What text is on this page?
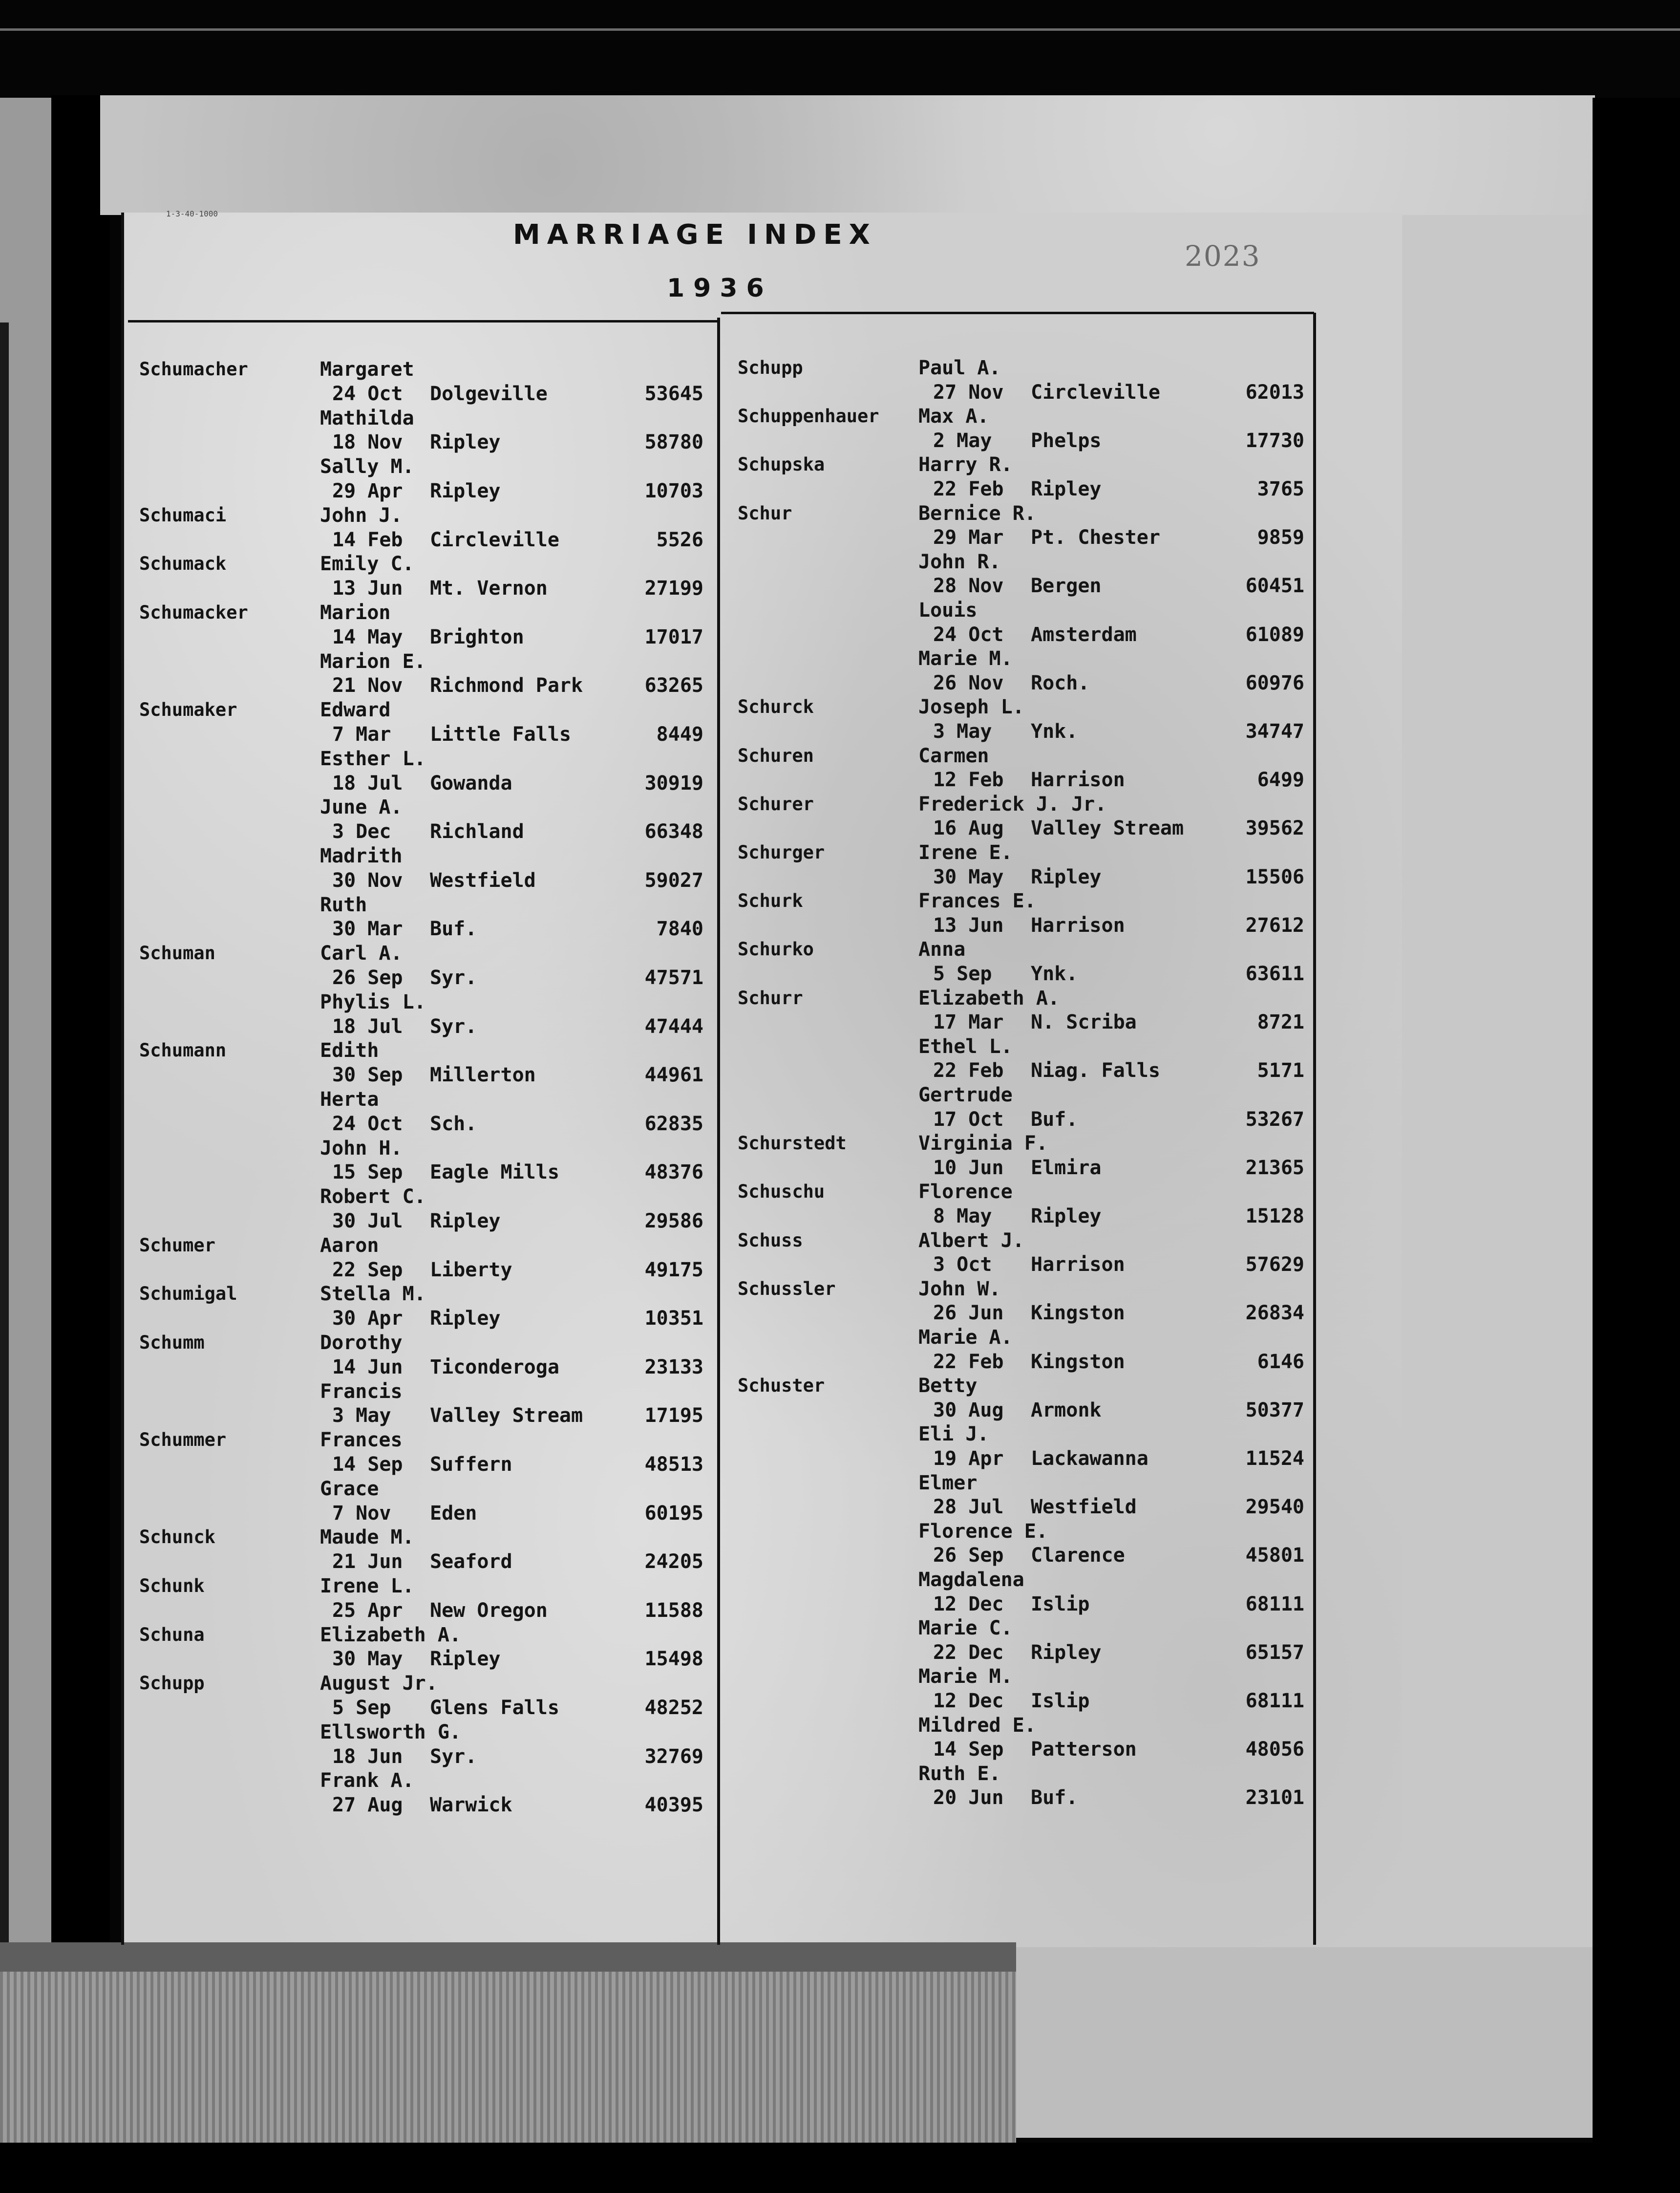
1-3-40-1000
MARRIAGE INDEX
1936
2023
Schumacher	Margaret
24 Oct	Dolgeville	53645
Mathilda
18 Nov	Ripley	58780
Sally M.
29 Apr	Ripley	10703
Schumaci	John J.
14 Feb	Circleville	5526
Schumack	Emily C.
13 Jun	Mt. Vernon	27199
Schumacker	Marion
14 May	Brighton	17017
Marion E.
21 Nov	Richmond Park	63265
Schumaker	Edward
7 Mar	Little Falls	8449
Esther L.
18 Jul	Gowanda	30919
June A.
3 Dec	Richland	66348
Madrith
30 Nov	Westfield	59027
Ruth
30 Mar	Buf.	7840
Schuman	Carl A.
26 Sep	Syr.	47571
Phylis L.
18 Jul	Syr.	47444
Schumann	Edith
30 Sep	Millerton	44961
Herta
24 Oct	Sch.	62835
John H.
15 Sep	Eagle Mills	48376
Robert C.
30 Jul	Ripley	29586
Schumer	Aaron
22 Sep	Liberty	49175
Schumigal	Stella M.
30 Apr	Ripley	10351
Schumm	Dorothy
14 Jun	Ticonderoga	23133
Francis
3 May	Valley Stream	17195
Schummer	Frances
14 Sep	Suffern	48513
Grace
7 Nov	Eden	60195
Schunck	Maude M.
21 Jun	Seaford	24205
Schunk	Irene L.
25 Apr	New Oregon	11588
Schuna	Elizabeth A.
30 May	Ripley	15498
Schupp	August Jr.
5 Sep	Glens Falls	48252
Ellsworth G.
18 Jun	Syr.	32769
Frank A.
27 Aug	Warwick	40395
Schupp	Paul A.
27 Nov	Circleville	62013
Schuppenhauer	Max A.
2 May	Phelps	17730
Schupska	Harry R.
22 Feb	Ripley	3765
Schur	Bernice R.
29 Mar	Pt. Chester	9859
John R.
28 Nov	Bergen	60451
Louis
24 Oct	Amsterdam	61089
Marie M.
26 Nov	Roch.	60976
Schurck	Joseph L.
3 May	Ynk.	34747
Schuren	Carmen
12 Feb	Harrison	6499
Schurer	Frederick J. Jr.
16 Aug	Valley Stream	39562
Schurger	Irene E.
30 May	Ripley	15506
Schurk	Frances E.
13 Jun	Harrison	27612
Schurko	Anna
5 Sep	Ynk.	63611
Schurr	Elizabeth A.
17 Mar	N. Scriba	8721
Ethel L.
22 Feb	Niag. Falls	5171
Gertrude
17 Oct	Buf.	53267
Schurstedt	Virginia F.
10 Jun	Elmira	21365
Schuschu	Florence
8 May	Ripley	15128
Schuss	Albert J.
3 Oct	Harrison	57629
Schussler	John W.
26 Jun	Kingston	26834
Marie A.
22 Feb	Kingston	6146
Schuster	Betty
30 Aug	Armonk	50377
Eli J.
19 Apr	Lackawanna	11524
Elmer
28 Jul	Westfield	29540
Florence E.
26 Sep	Clarence	45801
Magdalena
12 Dec	Islip	68111
Marie C.
22 Dec	Ripley	65157
Marie M.
12 Dec	Islip	68111
Mildred E.
14 Sep	Patterson	48056
Ruth E.
20 Jun	Buf.	23101
